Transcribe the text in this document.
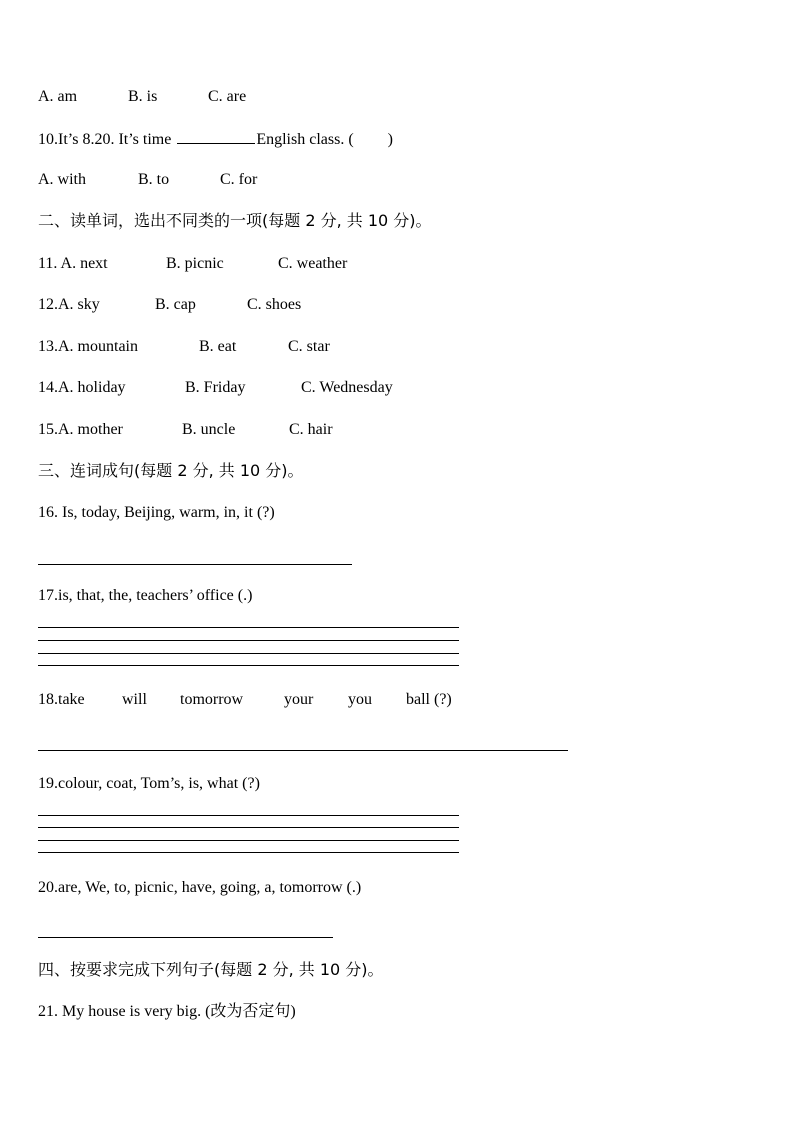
A. am	B. is	C. are
10.It’s 8.20. It’s time	English class. ( )
A. with	B. to	C. for
二、读单词，选出不同类的一项(每题 2 分, 共 10 分)。
11. A. next	B. picnic	C. weather
12.A. sky	B. cap	C. shoes
13.A. mountain	B. eat	C. star
14.A. holiday	B. Friday	C. Wednesday
15.A. mother	B. uncle	C. hair
三、连词成句(每题 2 分, 共 10 分)。
16. Is, today, Beijing, warm, in, it (?)
17.is, that, the, teachers’ office (.)
18.take will tomorrow	your you ball (?)
19.colour, coat, Tom’s, is, what (?)
20.are, We, to, picnic, have, going, a, tomorrow (.)
四、按要求完成下列句子(每题 2 分, 共 10 分)。
21. My house is very big. (改为否定句)
